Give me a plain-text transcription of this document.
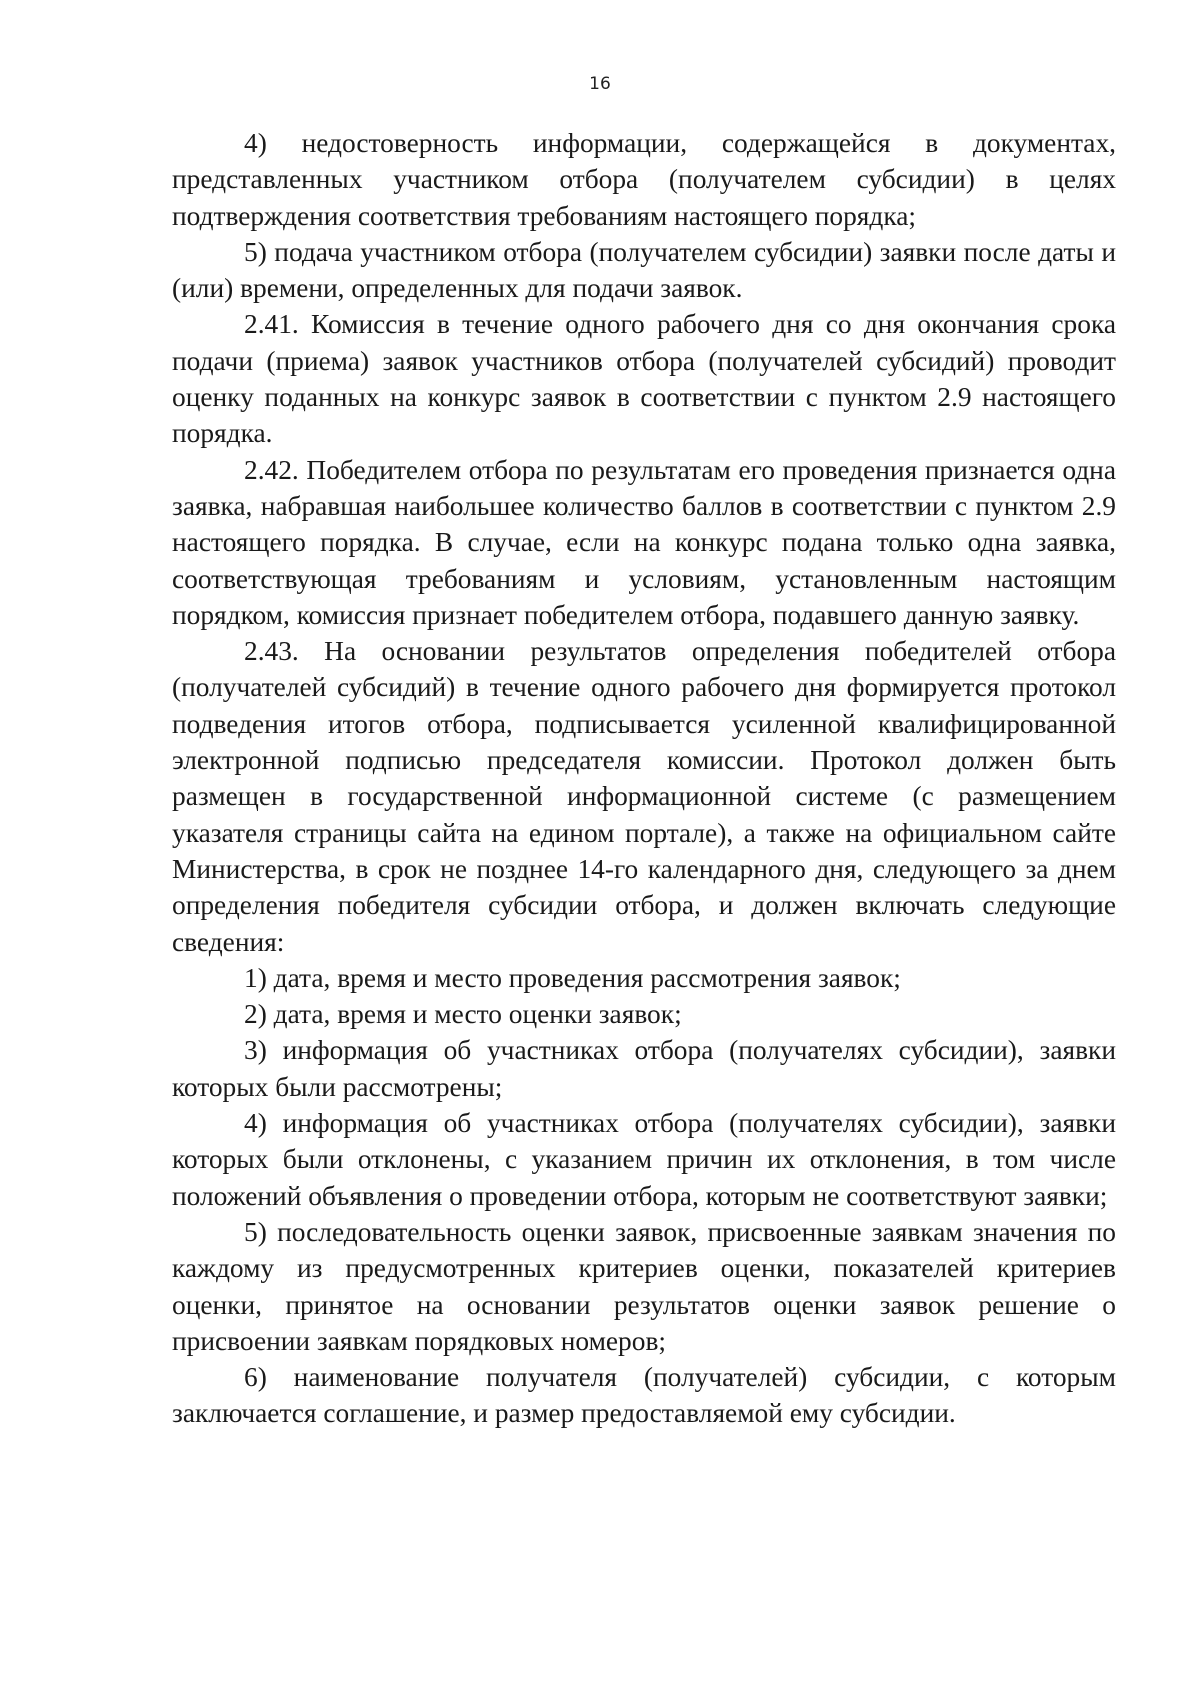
16

4) недостоверность информации, содержащейся в документах, представленных участником отбора (получателем субсидии) в целях подтверждения соответствия требованиям настоящего порядка;

5) подача участником отбора (получателем субсидии) заявки после даты и (или) времени, определенных для подачи заявок.

2.41. Комиссия в течение одного рабочего дня со дня окончания срока подачи (приема) заявок участников отбора (получателей субсидий) проводит оценку поданных на конкурс заявок в соответствии с пунктом 2.9 настоящего порядка.

2.42. Победителем отбора по результатам его проведения признается одна заявка, набравшая наибольшее количество баллов в соответствии с пунктом 2.9 настоящего порядка. В случае, если на конкурс подана только одна заявка, соответствующая требованиям и условиям, установленным настоящим порядком, комиссия признает победителем отбора, подавшего данную заявку.

2.43. На основании результатов определения победителей отбора (получателей субсидий) в течение одного рабочего дня формируется протокол подведения итогов отбора, подписывается усиленной квалифицированной электронной подписью председателя комиссии. Протокол должен быть размещен в государственной информационной системе (с размещением указателя страницы сайта на едином портале), а также на официальном сайте Министерства, в срок не позднее 14-го календарного дня, следующего за днем определения победителя субсидии отбора, и должен включать следующие сведения:

1) дата, время и место проведения рассмотрения заявок;

2) дата, время и место оценки заявок;

3) информация об участниках отбора (получателях субсидии), заявки которых были рассмотрены;

4) информация об участниках отбора (получателях субсидии), заявки которых были отклонены, с указанием причин их отклонения, в том числе положений объявления о проведении отбора, которым не соответствуют заявки;

5) последовательность оценки заявок, присвоенные заявкам значения по каждому из предусмотренных критериев оценки, показателей критериев оценки, принятое на основании результатов оценки заявок решение о присвоении заявкам порядковых номеров;

6) наименование получателя (получателей) субсидии, с которым заключается соглашение, и размер предоставляемой ему субсидии.
